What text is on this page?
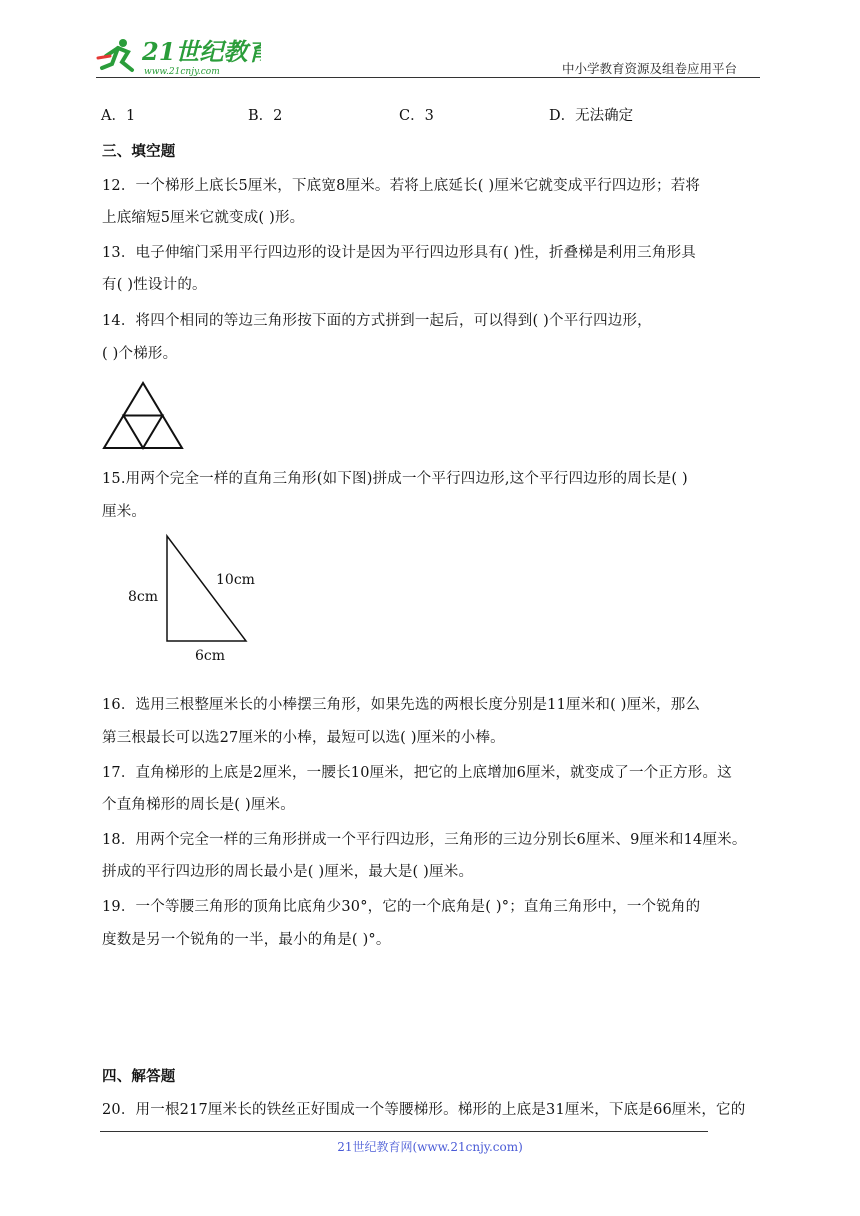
21世纪教育
www.21cnjy.com	中小学教育资源及组卷应用平台
A．1	B．2	C．3	D．无法确定
三、填空题
12．一个梯形上底长5厘米，下底宽8厘米。若将上底延长( )厘米它就变成平行四边形；若将
上底缩短5厘米它就变成( )形。
13．电子伸缩门采用平行四边形的设计是因为平行四边形具有( )性，折叠梯是利用三角形具
有( )性设计的。
14．将四个相同的等边三角形按下面的方式拼到一起后，可以得到( )个平行四边形，
( )个梯形。
15.用两个完全一样的直角三角形(如下图)拼成一个平行四边形,这个平行四边形的周长是( )
厘米。
8cm
10cm
6cm
16．选用三根整厘米长的小棒摆三角形，如果先选的两根长度分别是11厘米和( )厘米，那么
第三根最长可以选27厘米的小棒，最短可以选( )厘米的小棒。
17．直角梯形的上底是2厘米，一腰长10厘米，把它的上底增加6厘米，就变成了一个正方形。这
个直角梯形的周长是( )厘米。
18．用两个完全一样的三角形拼成一个平行四边形，三角形的三边分别长6厘米、9厘米和14厘米。
拼成的平行四边形的周长最小是( )厘米，最大是( )厘米。
19．一个等腰三角形的顶角比底角少30°，它的一个底角是( )°；直角三角形中，一个锐角的
度数是另一个锐角的一半，最小的角是( )°。
四、解答题
20．用一根217厘米长的铁丝正好围成一个等腰梯形。梯形的上底是31厘米，下底是66厘米，它的
21世纪教育网(www.21cnjy.com)
